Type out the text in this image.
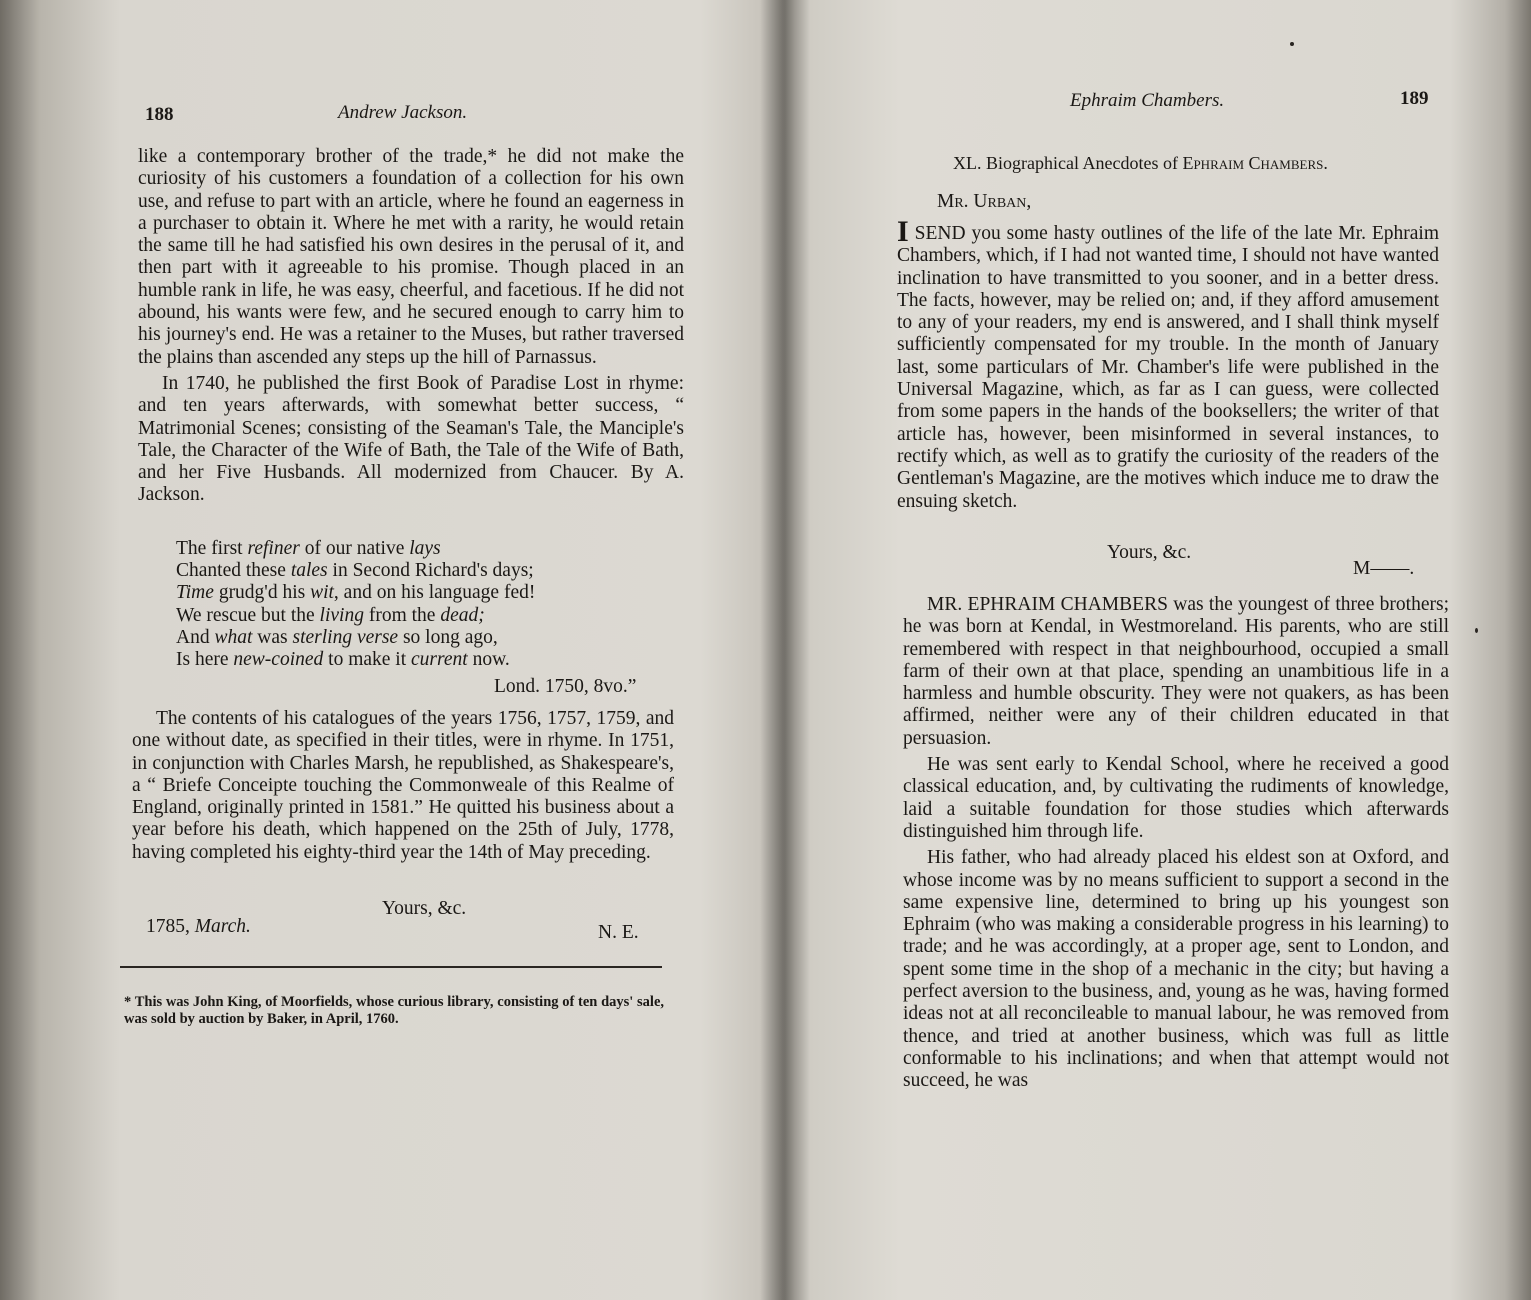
188	Andrew Jackson.

like a contemporary brother of the trade,* he did not make the curiosity of his customers a foundation of a collection for his own use, and refuse to part with an article, where he found an eagerness in a purchaser to obtain it. Where he met with a rarity, he would retain the same till he had satisfied his own desires in the perusal of it, and then part with it agreeable to his promise. Though placed in an humble rank in life, he was easy, cheerful, and facetious. If he did not abound, his wants were few, and he secured enough to carry him to his journey's end. He was a retainer to the Muses, but rather traversed the plains than ascended any steps up the hill of Parnassus.

In 1740, he published the first Book of Paradise Lost in rhyme: and ten years afterwards, with somewhat better success, “ Matrimonial Scenes; consisting of the Seaman's Tale, the Manciple's Tale, the Character of the Wife of Bath, the Tale of the Wife of Bath, and her Five Husbands. All modernized from Chaucer. By A. Jackson.

The first refiner of our native lays
Chanted these tales in Second Richard's days;
Time grudg'd his wit, and on his language fed!
We rescue but the living from the dead;
And what was sterling verse so long ago,
Is here new-coined to make it current now.
Lond. 1750, 8vo.”

The contents of his catalogues of the years 1756, 1757, 1759, and one without date, as specified in their titles, were in rhyme. In 1751, in conjunction with Charles Marsh, he republished, as Shakespeare's, a “ Briefe Conceipte touching the Commonweale of this Realme of England, originally printed in 1581.” He quitted his business about a year before his death, which happened on the 25th of July, 1778, having completed his eighty-third year the 14th of May preceding.

Yours, &c.
1785, March.	N. E.
* This was John King, of Moorfields, whose curious library, consisting of ten days' sale, was sold by auction by Baker, in April, 1760.
Ephraim Chambers.	189
XL. Biographical Anecdotes of Ephraim Chambers.
Mr. Urban,

I SEND you some hasty outlines of the life of the late Mr. Ephraim Chambers, which, if I had not wanted time, I should not have wanted inclination to have transmitted to you sooner, and in a better dress. The facts, however, may be relied on; and, if they afford amusement to any of your readers, my end is answered, and I shall think myself sufficiently compensated for my trouble. In the month of January last, some particulars of Mr. Chamber's life were published in the Universal Magazine, which, as far as I can guess, were collected from some papers in the hands of the booksellers; the writer of that article has, however, been misinformed in several instances, to rectify which, as well as to gratify the curiosity of the readers of the Gentleman's Magazine, are the motives which induce me to draw the ensuing sketch.

Yours, &c.
M——.

MR. EPHRAIM CHAMBERS was the youngest of three brothers; he was born at Kendal, in Westmoreland. His parents, who are still remembered with respect in that neighbourhood, occupied a small farm of their own at that place, spending an unambitious life in a harmless and humble obscurity. They were not quakers, as has been affirmed, neither were any of their children educated in that persuasion.

He was sent early to Kendal School, where he received a good classical education, and, by cultivating the rudiments of knowledge, laid a suitable foundation for those studies which afterwards distinguished him through life.

His father, who had already placed his eldest son at Oxford, and whose income was by no means sufficient to support a second in the same expensive line, determined to bring up his youngest son Ephraim (who was making a considerable progress in his learning) to trade; and he was accordingly, at a proper age, sent to London, and spent some time in the shop of a mechanic in the city; but having a perfect aversion to the business, and, young as he was, having formed ideas not at all reconcileable to manual labour, he was removed from thence, and tried at another business, which was full as little conformable to his inclinations; and when that attempt would not succeed, he was
